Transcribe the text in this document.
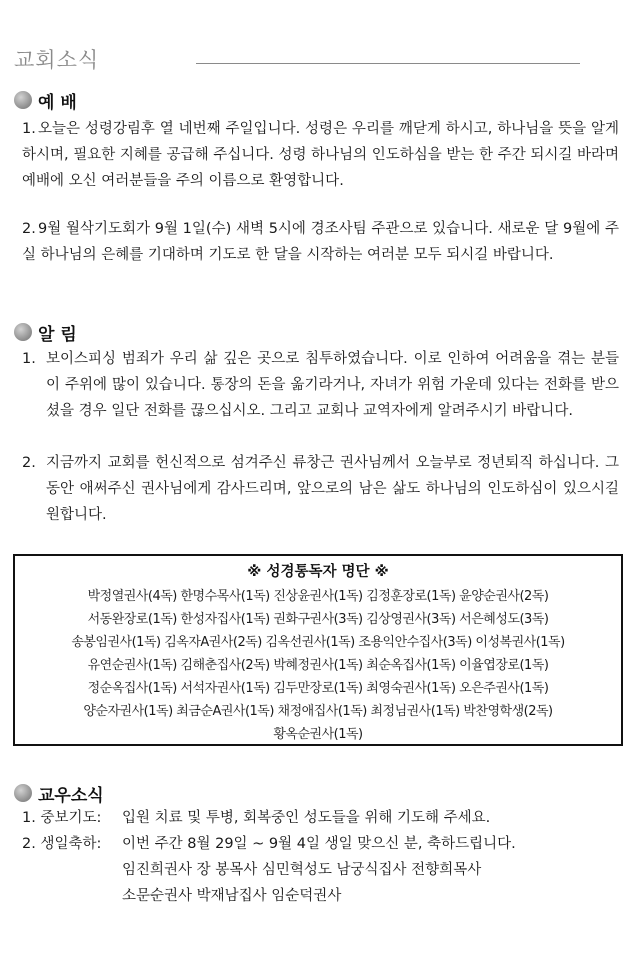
교회소식
예 배
1. 오늘은 성령강림후 열 네번째 주일입니다. 성령은 우리를 깨닫게 하시고, 하나님을 뜻을 알게 하시며, 필요한 지혜를 공급해 주십니다. 성령 하나님의 인도하심을 받는 한 주간 되시길 바라며 예배에 오신 여러분들을 주의 이름으로 환영합니다.
2. 9월 월삭기도회가 9월 1일(수) 새벽 5시에 경조사팀 주관으로 있습니다. 새로운 달 9월에 주실 하나님의 은혜를 기대하며 기도로 한 달을 시작하는 여러분 모두 되시길 바랍니다.
알 림
1. 보이스피싱 범죄가 우리 삶 깊은 곳으로 침투하였습니다. 이로 인하여 어려움을 겪는 분들이 주위에 많이 있습니다. 통장의 돈을 옮기라거나, 자녀가 위험 가운데 있다는 전화를 받으셨을 경우 일단 전화를 끊으십시오. 그리고 교회나 교역자에게 알려주시기 바랍니다.
2. 지금까지 교회를 헌신적으로 섬겨주신 류창근 권사님께서 오늘부로 정년퇴직 하십니다. 그동안 애써주신 권사님에게 감사드리며, 앞으로의 남은 삶도 하나님의 인도하심이 있으시길 원합니다.
※ 성경통독자 명단 ※
박정열권사(4독) 한명수목사(1독) 진상윤권사(1독) 김정훈장로(1독) 윤양순권사(2독)
서동완장로(1독) 한성자집사(1독) 권화구권사(3독) 김상영권사(3독) 서은혜성도(3독)
송봉임권사(1독) 김옥자A권사(2독) 김옥선권사(1독) 조용익안수집사(3독) 이성복권사(1독)
유연순권사(1독) 김해춘집사(2독) 박혜정권사(1독) 최순옥집사(1독) 이율엽장로(1독)
정순옥집사(1독) 서석자권사(1독) 김두만장로(1독) 최영숙권사(1독) 오은주권사(1독)
양순자권사(1독) 최금순A권사(1독) 채정애집사(1독) 최정님권사(1독) 박찬영학생(2독)
황옥순권사(1독)
교우소식
1. 중보기도: 입원 치료 및 투병, 회복중인 성도들을 위해 기도해 주세요.
2. 생일축하: 이번 주간 8월 29일 ~ 9월 4일 생일 맞으신 분, 축하드립니다.
임진희권사 장 봉목사 심민혁성도 남궁식집사 전향희목사
소문순권사 박재남집사 임순덕권사
